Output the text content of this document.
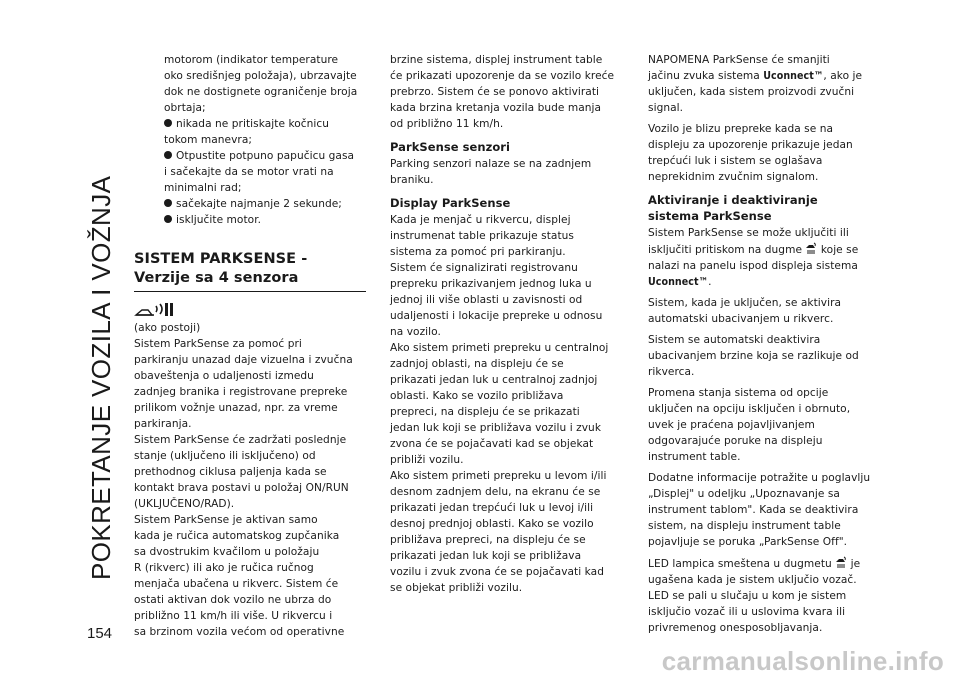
POKRETANJE VOZILA I VOŽNJA
154

motorom (indikator temperature
oko središnjeg položaja), ubrzavajte
dok ne dostignete ograničenje broja
obrtaja;

nikada ne pritiskajte kočnicu
tokom manevra;
Otpustite potpuno papučicu gasa
i sačekajte da se motor vrati na
minimalni rad;
sačekajte najmanje 2 sekunde;
isključite motor.
SISTEM PARKSENSE -
Verzije sa 4 senzora

(ako postoji)
Sistem ParkSense za pomoć pri
parkiranju unazad daje vizuelna i zvučna
obaveštenja o udaljenosti izmedu
zadnjeg branika i registrovane prepreke
prilikom vožnje unazad, npr. za vreme
parkiranja.

Sistem ParkSense će zadržati poslednje
stanje (uključeno ili isključeno) od
prethodnog ciklusa paljenja kada se
kontakt brava postavi u položaj ON/RUN
(UKLJUČENO/RAD).

Sistem ParkSense je aktivan samo
kada je ručica automatskog zupčanika
sa dvostrukim kvačilom u položaju
R (rikverc) ili ako je ručica ručnog
menjača ubačena u rikverc. Sistem će
ostati aktivan dok vozilo ne ubrza do
približno 11 km/h ili više. U rikvercu i
sa brzinom vozila većom od operativne

brzine sistema, displej instrument table
će prikazati upozorenje da se vozilo kreće
prebrzo. Sistem će se ponovo aktivirati
kada brzina kretanja vozila bude manja
od približno 11 km/h.

ParkSense senzori

Parking senzori nalaze se na zadnjem
braniku.

Display ParkSense

Kada je menjač u rikvercu, displej
instrumenat table prikazuje status
sistema za pomoć pri parkiranju.

Sistem će signalizirati registrovanu
prepreku prikazivanjem jednog luka u
jednoj ili više oblasti u zavisnosti od
udaljenosti i lokacije prepreke u odnosu
na vozilo.

Ako sistem primeti prepreku u centralnoj
zadnjoj oblasti, na displeju će se
prikazati jedan luk u centralnoj zadnjoj
oblasti. Kako se vozilo približava
prepreci, na displeju će se prikazati
jedan luk koji se približava vozilu i zvuk
zvona će se pojačavati kad se objekat
približi vozilu.

Ako sistem primeti prepreku u levom i/ili
desnom zadnjem delu, na ekranu će se
prikazati jedan trepćući luk u levoj i/ili
desnoj prednjoj oblasti. Kako se vozilo
približava prepreci, na displeju će se
prikazati jedan luk koji se približava
vozilu i zvuk zvona će se pojačavati kad
se objekat približi vozilu.

NAPOMENA ParkSense će smanjiti
jačinu zvuka sistema Uconnect™, ako je
uključen, kada sistem proizvodi zvučni
signal.

Vozilo je blizu prepreke kada se na
displeju za upozorenje prikazuje jedan
trepćući luk i sistem se oglašava
neprekidnim zvučnim signalom.

Aktiviranje i deaktiviranje
sistema ParkSense

Sistem ParkSense se može uključiti ili
isključiti pritiskom na dugme  koje se
nalazi na panelu ispod displeja sistema
Uconnect™.

Sistem, kada je uključen, se aktivira
automatski ubacivanjem u rikverc.

Sistem se automatski deaktivira
ubacivanjem brzine koja se razlikuje od
rikverca.

Promena stanja sistema od opcije
uključen na opciju isključen i obrnuto,
uvek je praćena pojavljivanjem
odgovarajuće poruke na displeju
instrument table.

Dodatne informacije potražite u poglavlju
„Displej" u odeljku „Upoznavanje sa
instrument tablom". Kada se deaktivira
sistem, na displeju instrument table
pojavljuje se poruka „ParkSense Off".

LED lampica smeštena u dugmetu  je
ugašena kada je sistem uključio vozač.
LED se pali u slučaju u kom je sistem
isključio vozač ili u uslovima kvara ili
privremenog onesposobljavanja.

carmanualsonline.info
